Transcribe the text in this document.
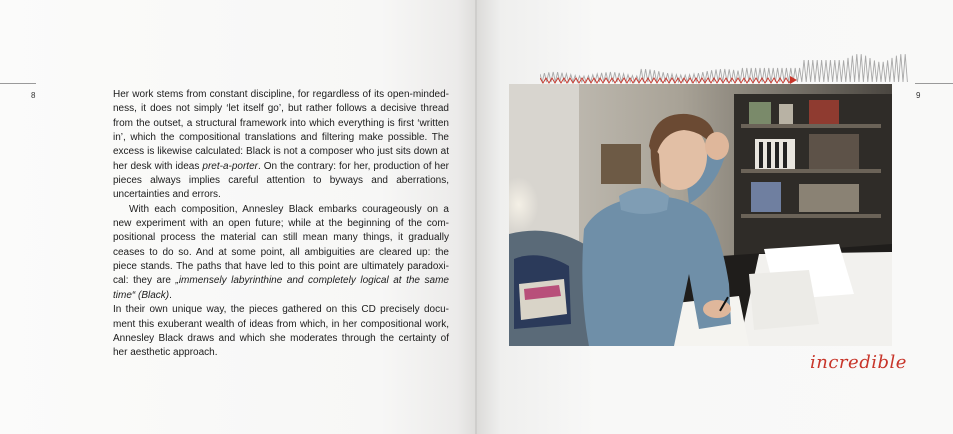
8	Her work stems from constant discipline, for regardless of its open-mindedness, it does not simply ‘let itself go’, but rather follows a decisive thread from the outset, a structural framework into which everything is first ‘written in’, which the compositional translations and filtering make possible. The excess is likewise calculated: Black is not a composer who just sits down at her desk with ideas pret-a-porter. On the contrary: for her, production of her pieces always implies careful attention to byways and aberrations, uncertainties and errors.

With each composition, Annesley Black embarks courageously on a new experiment with an open future; while at the beginning of the compositional process the material can still mean many things, it gradually ceases to do so. And at some point, all ambiguities are cleared up: the piece stands. The paths that have led to this point are ultimately paradoxical: they are „immensely labyrinthine and completely logical at the same time“ (Black).

In their own unique way, the pieces gathered on this CD precisely document this exuberant wealth of ideas from which, in her compositional work, Annesley Black draws and which she moderates through the certainty of her aesthetic approach.

9
incredible
